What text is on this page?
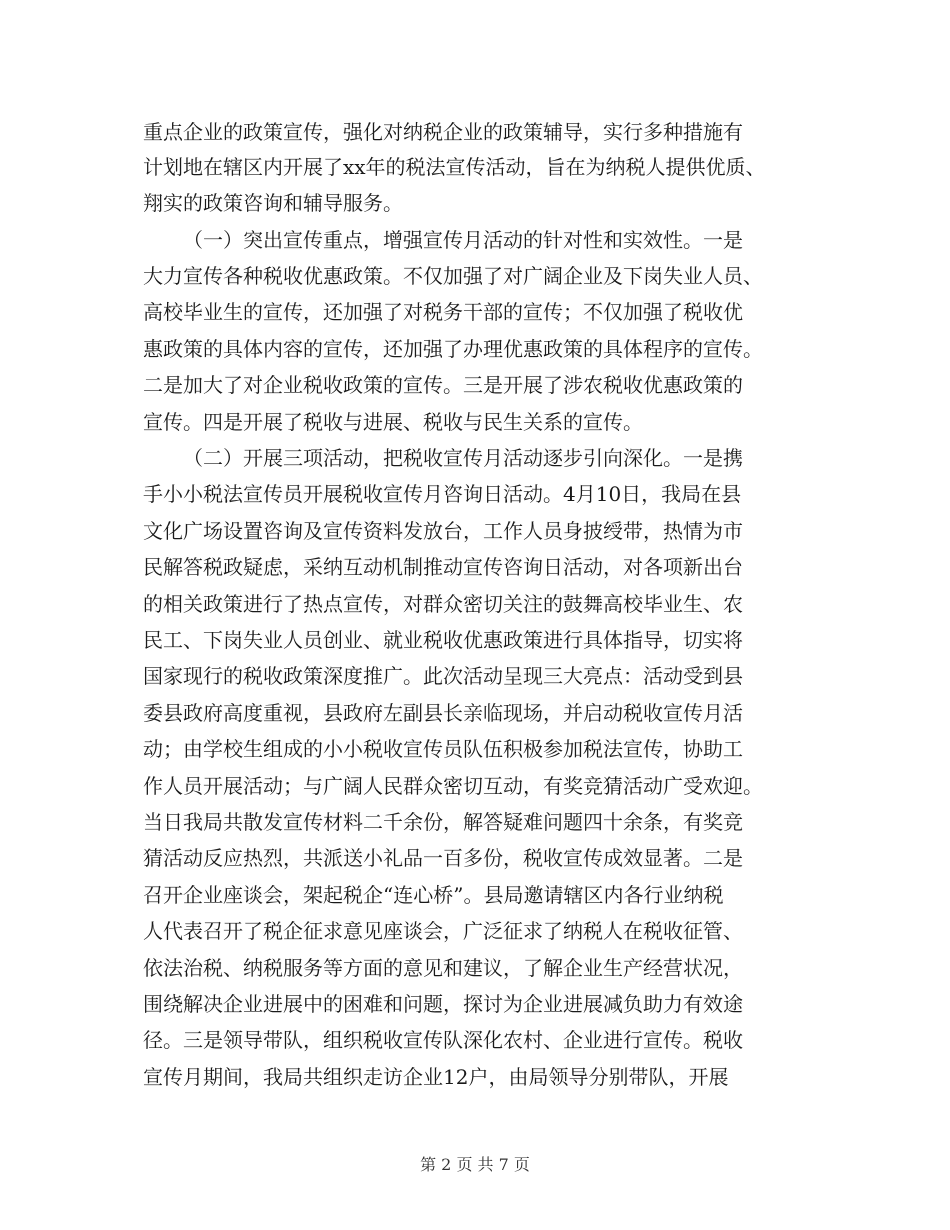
重点企业的政策宣传，强化对纳税企业的政策辅导，实行多种措施有
计划地在辖区内开展了xx年的税法宣传活动，旨在为纳税人提供优质、
翔实的政策咨询和辅导服务。
（一）突出宣传重点，增强宣传月活动的针对性和实效性。一是
大力宣传各种税收优惠政策。不仅加强了对广阔企业及下岗失业人员、
高校毕业生的宣传，还加强了对税务干部的宣传；不仅加强了税收优
惠政策的具体内容的宣传，还加强了办理优惠政策的具体程序的宣传。
二是加大了对企业税收政策的宣传。三是开展了涉农税收优惠政策的
宣传。四是开展了税收与进展、税收与民生关系的宣传。
（二）开展三项活动，把税收宣传月活动逐步引向深化。一是携
手小小税法宣传员开展税收宣传月咨询日活动。4月10日，我局在县
文化广场设置咨询及宣传资料发放台，工作人员身披绶带，热情为市
民解答税政疑虑，采纳互动机制推动宣传咨询日活动，对各项新出台
的相关政策进行了热点宣传，对群众密切关注的鼓舞高校毕业生、农
民工、下岗失业人员创业、就业税收优惠政策进行具体指导，切实将
国家现行的税收政策深度推广。此次活动呈现三大亮点：活动受到县
委县政府高度重视，县政府左副县长亲临现场，并启动税收宣传月活
动；由学校生组成的小小税收宣传员队伍积极参加税法宣传，协助工
作人员开展活动；与广阔人民群众密切互动，有奖竞猜活动广受欢迎。
当日我局共散发宣传材料二千余份，解答疑难问题四十余条，有奖竞
猜活动反应热烈，共派送小礼品一百多份，税收宣传成效显著。二是
召开企业座谈会，架起税企“连心桥”。县局邀请辖区内各行业纳税
人代表召开了税企征求意见座谈会，广泛征求了纳税人在税收征管、
依法治税、纳税服务等方面的意见和建议，了解企业生产经营状况，
围绕解决企业进展中的困难和问题，探讨为企业进展减负助力有效途
径。三是领导带队，组织税收宣传队深化农村、企业进行宣传。税收
宣传月期间，我局共组织走访企业12户，由局领导分别带队，开展
第 2 页 共 7 页
